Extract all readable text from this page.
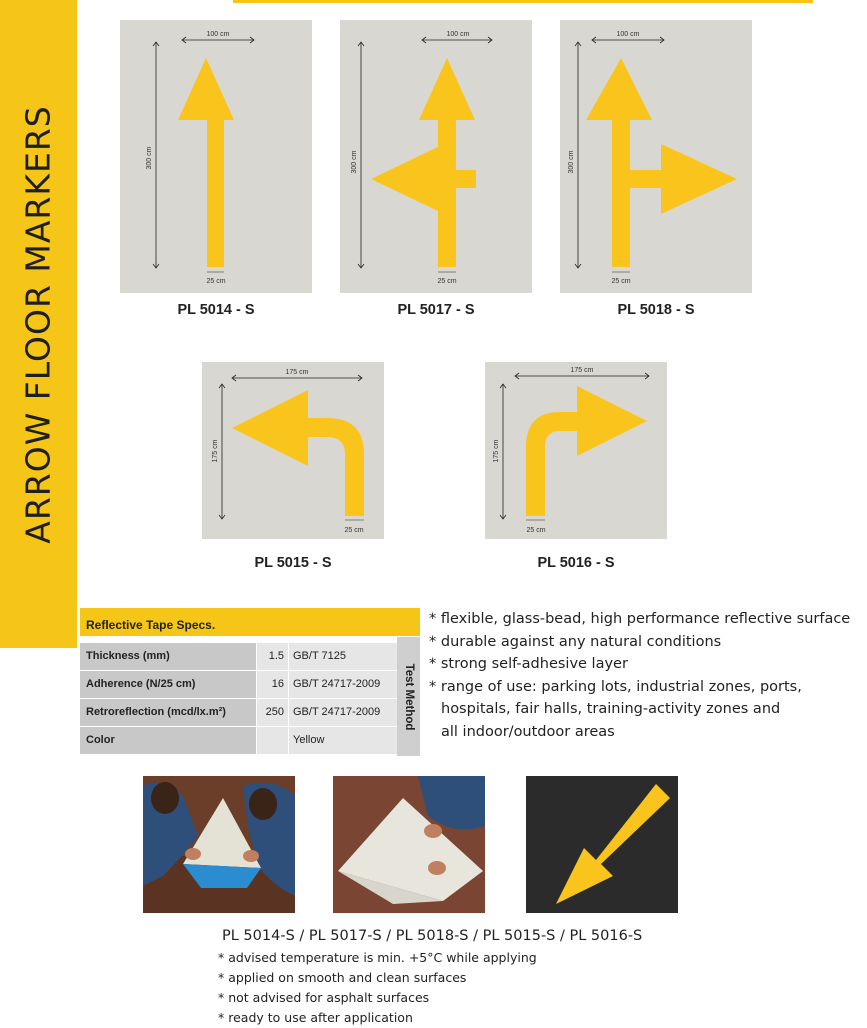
ARROW FLOOR MARKERS
100 cm
300 cm
25 cm
PL 5014 - S
100 cm
300 cm
25 cm
PL 5017 - S
100 cm
300 cm
25 cm
PL 5018 - S
175 cm
175 cm
25 cm
PL 5015 - S
175 cm
175 cm
25 cm
PL 5016 - S
Reflective Tape Specs.
Thickness (mm)	1.5 GB/T 7125
Adherence (N/25 cm)	16 GB/T 24717-2009
Retroreflection (mcd/lx.m²)	250 GB/T 24717-2009
Color	Yellow
Test Method
* flexible, glass-bead, high performance reflective surface
* durable against any natural conditions
* strong self-adhesive layer
* range of use: parking lots, industrial zones, ports,
hospitals, fair halls, training-activity zones and
all indoor/outdoor areas
PL 5014-S / PL 5017-S / PL 5018-S / PL 5015-S / PL 5016-S
* advised temperature is min. +5°C while applying
* applied on smooth and clean surfaces
* not advised for asphalt surfaces
* ready to use after application
